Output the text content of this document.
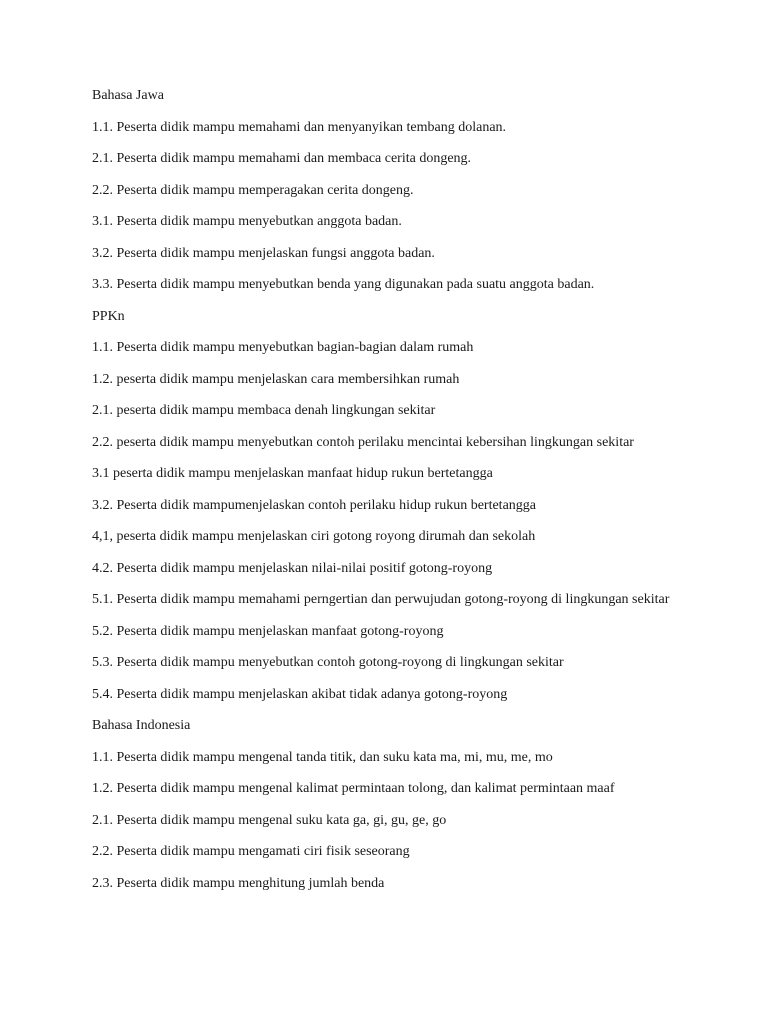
Bahasa Jawa
1.1. Peserta didik mampu memahami dan menyanyikan tembang dolanan.
2.1. Peserta didik mampu memahami dan membaca cerita dongeng.
2.2. Peserta didik mampu memperagakan cerita dongeng.
3.1. Peserta didik mampu menyebutkan anggota badan.
3.2. Peserta didik mampu menjelaskan fungsi anggota badan.
3.3. Peserta didik mampu menyebutkan benda yang digunakan pada suatu anggota badan.
PPKn
1.1. Peserta didik mampu menyebutkan bagian-bagian dalam rumah
1.2. peserta didik mampu menjelaskan cara membersihkan rumah
2.1. peserta didik mampu membaca denah lingkungan sekitar
2.2. peserta didik mampu menyebutkan contoh perilaku mencintai kebersihan lingkungan sekitar
3.1 peserta didik mampu menjelaskan manfaat hidup rukun bertetangga
3.2. Peserta didik mampumenjelaskan contoh perilaku hidup rukun bertetangga
4,1, peserta didik mampu menjelaskan ciri gotong royong dirumah dan sekolah
4.2. Peserta didik mampu menjelaskan nilai-nilai positif gotong-royong
5.1. Peserta didik mampu memahami perngertian dan perwujudan gotong-royong di lingkungan sekitar
5.2. Peserta didik mampu menjelaskan manfaat gotong-royong
5.3. Peserta didik mampu menyebutkan contoh gotong-royong di lingkungan sekitar
5.4. Peserta didik mampu menjelaskan akibat tidak adanya gotong-royong
Bahasa Indonesia
1.1. Peserta didik mampu mengenal tanda titik, dan suku kata ma, mi, mu, me, mo
1.2. Peserta didik mampu mengenal kalimat permintaan tolong, dan kalimat permintaan maaf
2.1. Peserta didik mampu mengenal suku kata ga, gi, gu, ge, go
2.2. Peserta didik mampu mengamati ciri fisik seseorang
2.3. Peserta didik mampu menghitung jumlah benda
